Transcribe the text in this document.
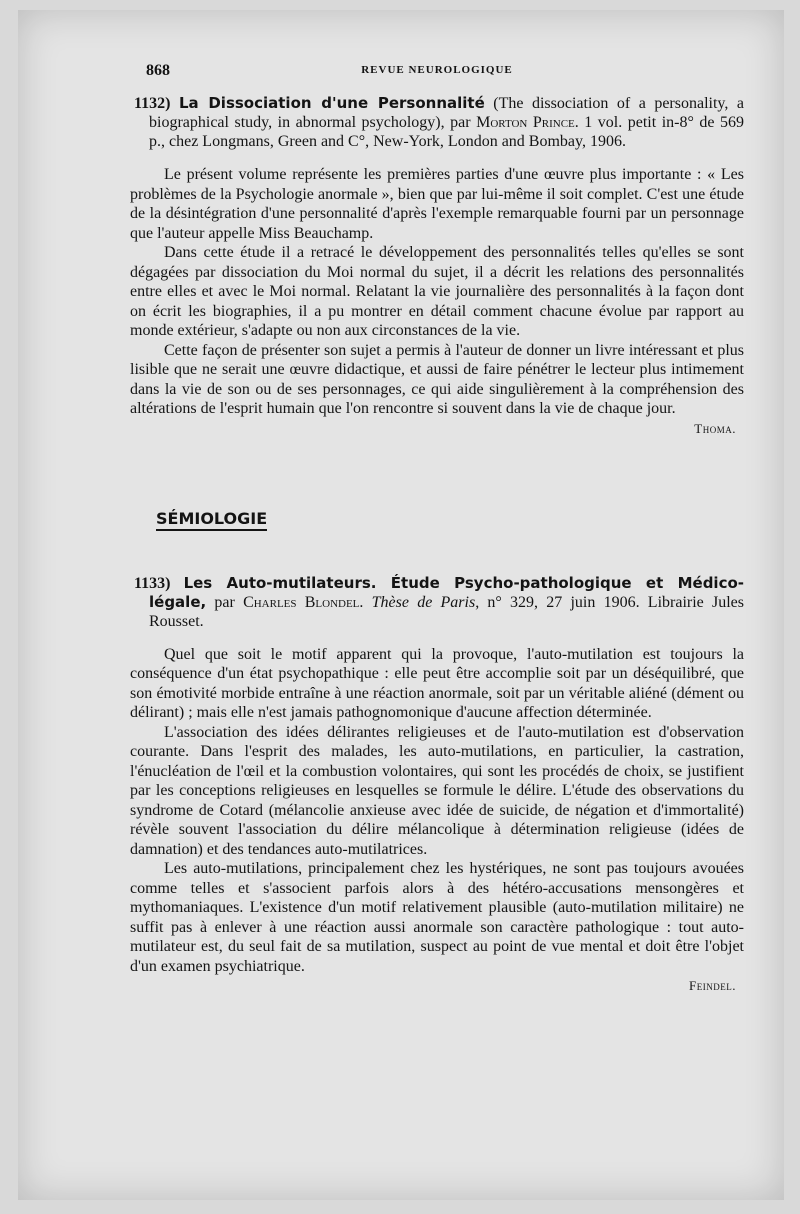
868	REVUE NEUROLOGIQUE
1132) La Dissociation d'une Personnalité (The dissociation of a personality, a biographical study, in abnormal psychology), par Morton Prince. 1 vol. petit in-8° de 569 p., chez Longmans, Green and C°, New-York, London and Bombay, 1906.

Le présent volume représente les premières parties d'une œuvre plus importante : « Les problèmes de la Psychologie anormale », bien que par lui-même il soit complet. C'est une étude de la désintégration d'une personnalité d'après l'exemple remarquable fourni par un personnage que l'auteur appelle Miss Beauchamp.

Dans cette étude il a retracé le développement des personnalités telles qu'elles se sont dégagées par dissociation du Moi normal du sujet, il a décrit les relations des personnalités entre elles et avec le Moi normal. Relatant la vie journalière des personnalités à la façon dont on écrit les biographies, il a pu montrer en détail comment chacune évolue par rapport au monde extérieur, s'adapte ou non aux circonstances de la vie.

Cette façon de présenter son sujet a permis à l'auteur de donner un livre intéressant et plus lisible que ne serait une œuvre didactique, et aussi de faire pénétrer le lecteur plus intimement dans la vie de son ou de ses personnages, ce qui aide singulièrement à la compréhension des altérations de l'esprit humain que l'on rencontre si souvent dans la vie de chaque jour.

Thoma.
SÉMIOLOGIE
1133) Les Auto-mutilateurs. Étude Psycho-pathologique et Médico-légale, par Charles Blondel. Thèse de Paris, n° 329, 27 juin 1906. Librairie Jules Rousset.

Quel que soit le motif apparent qui la provoque, l'auto-mutilation est toujours la conséquence d'un état psychopathique : elle peut être accomplie soit par un déséquilibré, que son émotivité morbide entraîne à une réaction anormale, soit par un véritable aliéné (dément ou délirant) ; mais elle n'est jamais pathognomonique d'aucune affection déterminée.

L'association des idées délirantes religieuses et de l'auto-mutilation est d'observation courante. Dans l'esprit des malades, les auto-mutilations, en particulier, la castration, l'énucléation de l'œil et la combustion volontaires, qui sont les procédés de choix, se justifient par les conceptions religieuses en lesquelles se formule le délire. L'étude des observations du syndrome de Cotard (mélancolie anxieuse avec idée de suicide, de négation et d'immortalité) révèle souvent l'association du délire mélancolique à détermination religieuse (idées de damnation) et des tendances auto-mutilatrices.

Les auto-mutilations, principalement chez les hystériques, ne sont pas toujours avouées comme telles et s'associent parfois alors à des hétéro-accusations mensongères et mythomaniaques. L'existence d'un motif relativement plausible (auto-mutilation militaire) ne suffit pas à enlever à une réaction aussi anormale son caractère pathologique : tout auto-mutilateur est, du seul fait de sa mutilation, suspect au point de vue mental et doit être l'objet d'un examen psychiatrique.

Feindel.
